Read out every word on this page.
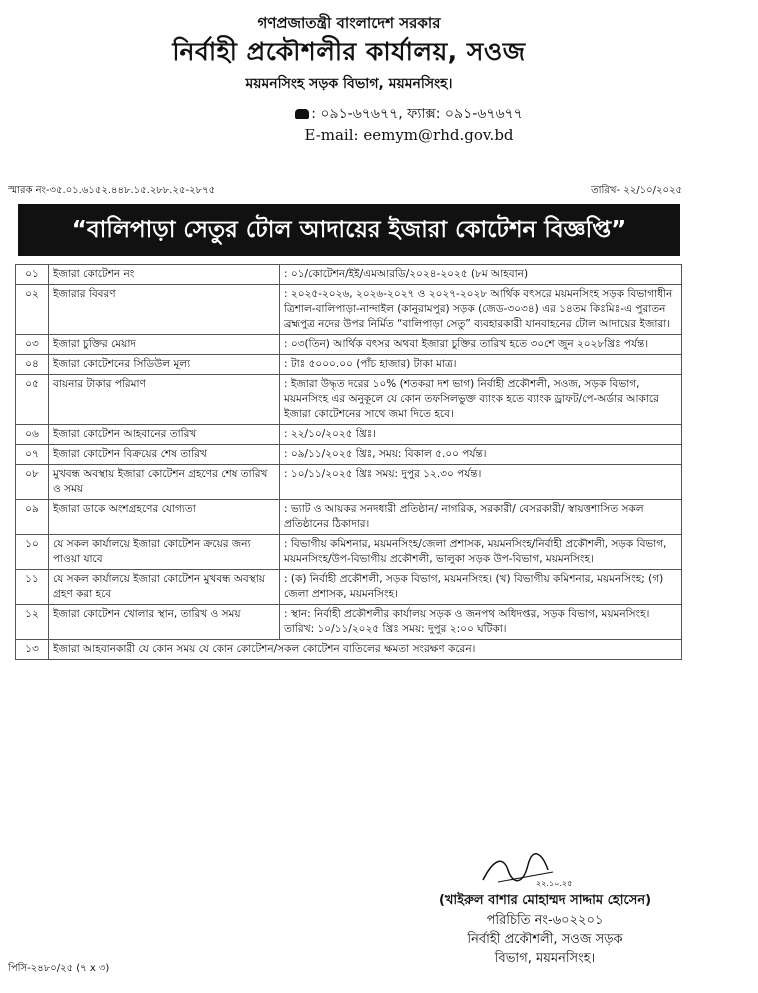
গণপ্রজাতন্ত্রী বাংলাদেশ সরকার
নির্বাহী প্রকৌশলীর কার্যালয়, সওজ
ময়মনসিংহ সড়ক বিভাগ, ময়মনসিংহ।
: ০৯১-৬৭৬৭৭, ফ্যাক্স: ০৯১-৬৭৬৭৭
E-mail: eemym@rhd.gov.bd
স্মারক নং-৩৫.০১.৬১৫২.৪৪৮.১৫.২৮৮.২৫-২৮৭৫	তারিখ- ২২/১০/২০২৫
“বালিপাড়া সেতুর টোল আদায়ের ইজারা কোটেশন বিজ্ঞপ্তি”
০১	ইজারা কোটেশন নং	: ০১/কোটেশন/ইই/এমআরডি/২০২৪-২০২৫ (৮ম আহবান)
০২	ইজারার বিবরণ	: ২০২৫-২০২৬, ২০২৬-২০২৭ ও ২০২৭-২০২৮ আর্থিক বৎসরে ময়মনসিংহ সড়ক বিভাগাধীন ত্রিশাল-বালিপাড়া-নান্দাইল (কানুরামপুর) সড়ক (জেড-৩০৩৪) এর ১৪তম কিঃমিঃ-এ পুরাতন ব্রহ্মপুত্র নদের উপর নির্মিত “বালিপাড়া সেতু” ব্যবহারকারী যানবাহনের টোল আদায়ের ইজারা।
০৩	ইজারা চুক্তির মেয়াদ	: ০৩(তিন) আর্থিক বৎসর অথবা ইজারা চুক্তির তারিখ হতে ৩০শে জুন ২০২৮খ্রিঃ পর্যন্ত।
০৪	ইজারা কোটেশনের সিডিউল মূল্য	: টাঃ ৫০০০.০০ (পাঁচ হাজার) টাকা মাত্র।
০৫	বায়নার টাকার পরিমাণ	: ইজারা উদ্ধৃত দরের ১০% (শতকরা দশ ভাগ) নির্বাহী প্রকৌশলী, সওজ, সড়ক বিভাগ, ময়মনসিংহ এর অনুকূলে যে কোন তফসিলভুক্ত ব্যাংক হতে ব্যাংক ড্রাফট/পে-অর্ডার আকারে ইজারা কোটেশনের সাথে জমা দিতে হবে।
০৬	ইজারা কোটেশন আহবানের তারিখ	: ২২/১০/২০২৫ খ্রিঃ।
০৭	ইজারা কোটেশন বিক্রয়ের শেষ তারিখ	: ০৯/১১/২০২৫ খ্রিঃ, সময়: বিকাল ৫.০০ পর্যন্ত।
০৮	মুখবন্ধ অবস্থায় ইজারা কোটেশন গ্রহণের শেষ তারিখ ও সময়	: ১০/১১/২০২৫ খ্রিঃ সময়: দুপুর ১২.৩০ পর্যন্ত।
০৯	ইজারা ডাকে অংশগ্রহণের যোগ্যতা	: ভ্যাট ও আয়কর সনদধারী প্রতিষ্ঠান/ নাগরিক, সরকারী/ বেসরকারী/ স্বায়ত্তশাসিত সকল প্রতিষ্ঠানের ঠিকাদার।
১০	যে সকল কার্যালয়ে ইজারা কোটেশন ক্রয়ের জন্য পাওয়া যাবে	: বিভাগীয় কমিশনার, ময়মনসিংহ/জেলা প্রশাসক, ময়মনসিংহ/নির্বাহী প্রকৌশলী, সড়ক বিভাগ, ময়মনসিংহ/উপ-বিভাগীয় প্রকৌশলী, ভালুকা সড়ক উপ-বিভাগ, ময়মনসিংহ।
১১	যে সকল কার্যালয়ে ইজারা কোটেশন মুখবন্ধ অবস্থায় গ্রহণ করা হবে	: (ক) নির্বাহী প্রকৌশলী, সড়ক বিভাগ, ময়মনসিংহ। (খ) বিভাগীয় কমিশনার, ময়মনসিংহ; (গ) জেলা প্রশাসক, ময়মনসিংহ।
১২	ইজারা কোটেশন খোলার স্থান, তারিখ ও সময়	: স্থান: নির্বাহী প্রকৌশলীর কার্যালয় সড়ক ও জনপথ অধিদপ্তর, সড়ক বিভাগ, ময়মনসিংহ। তারিখ: ১০/১১/২০২৫ খ্রিঃ সময়: দুপুর ২:০০ ঘটিকা।
১৩	ইজারা আহবানকারী যে কোন সময় যে কোন কোটেশন/সকল কোটেশন বাতিলের ক্ষমতা সংরক্ষণ করেন।	
২২.১০.২৫
(খাইরুল বাশার মোহাম্মদ সাদ্দাম হোসেন)
পরিচিতি নং-৬০২২০১
নির্বাহী প্রকৌশলী, সওজ সড়ক
বিভাগ, ময়মনসিংহ।
পিসি-২৪৮০/২৫ (৭ x ৩)
